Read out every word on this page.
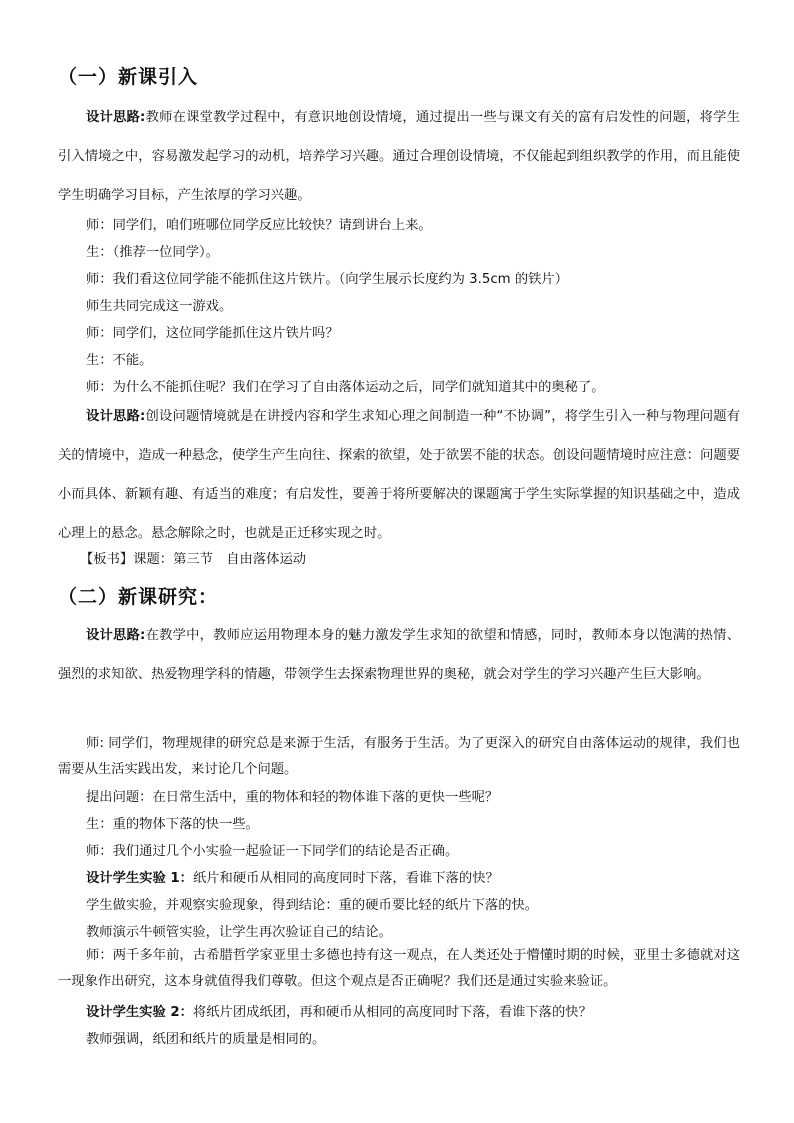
（一）新课引入
设计思路:教师在课堂教学过程中，有意识地创设情境，通过提出一些与课文有关的富有启发性的问题，将学生引入情境之中，容易激发起学习的动机，培养学习兴趣。通过合理创设情境，不仅能起到组织教学的作用，而且能使学生明确学习目标，产生浓厚的学习兴趣。
师：同学们，咱们班哪位同学反应比较快？请到讲台上来。
生：（推荐一位同学）。
师：我们看这位同学能不能抓住这片铁片。（向学生展示长度约为 3.5cm 的铁片）
师生共同完成这一游戏。
师：同学们，这位同学能抓住这片铁片吗？
生：不能。
师：为什么不能抓住呢？我们在学习了自由落体运动之后，同学们就知道其中的奥秘了。
设计思路:创设问题情境就是在讲授内容和学生求知心理之间制造一种“不协调”，将学生引入一种与物理问题有关的情境中，造成一种悬念，使学生产生向往、探索的欲望，处于欲罢不能的状态。创设问题情境时应注意：问题要小而具体、新颖有趣、有适当的难度；有启发性，要善于将所要解决的课题寓于学生实际掌握的知识基础之中，造成心理上的悬念。悬念解除之时，也就是正迁移实现之时。
【板书】课题：第三节　自由落体运动
（二）新课研究：
设计思路:在教学中，教师应运用物理本身的魅力激发学生求知的欲望和情感，同时，教师本身以饱满的热情、强烈的求知欲、热爱物理学科的情趣，带领学生去探索物理世界的奥秘，就会对学生的学习兴趣产生巨大影响。
师: 同学们，物理规律的研究总是来源于生活，有服务于生活。为了更深入的研究自由落体运动的规律，我们也需要从生活实践出发，来讨论几个问题。
提出问题：在日常生活中，重的物体和轻的物体谁下落的更快一些呢？
生：重的物体下落的快一些。
师：我们通过几个小实验一起验证一下同学们的结论是否正确。
设计学生实验 1：纸片和硬币从相同的高度同时下落，看谁下落的快？
学生做实验，并观察实验现象，得到结论：重的硬币要比轻的纸片下落的快。
教师演示牛顿管实验，让学生再次验证自己的结论。
师：两千多年前，古希腊哲学家亚里士多德也持有这一观点，在人类还处于懵懂时期的时候，亚里士多德就对这一现象作出研究，这本身就值得我们尊敬。但这个观点是否正确呢？我们还是通过实验来验证。
设计学生实验 2：将纸片团成纸团，再和硬币从相同的高度同时下落，看谁下落的快？
教师强调，纸团和纸片的质量是相同的。
